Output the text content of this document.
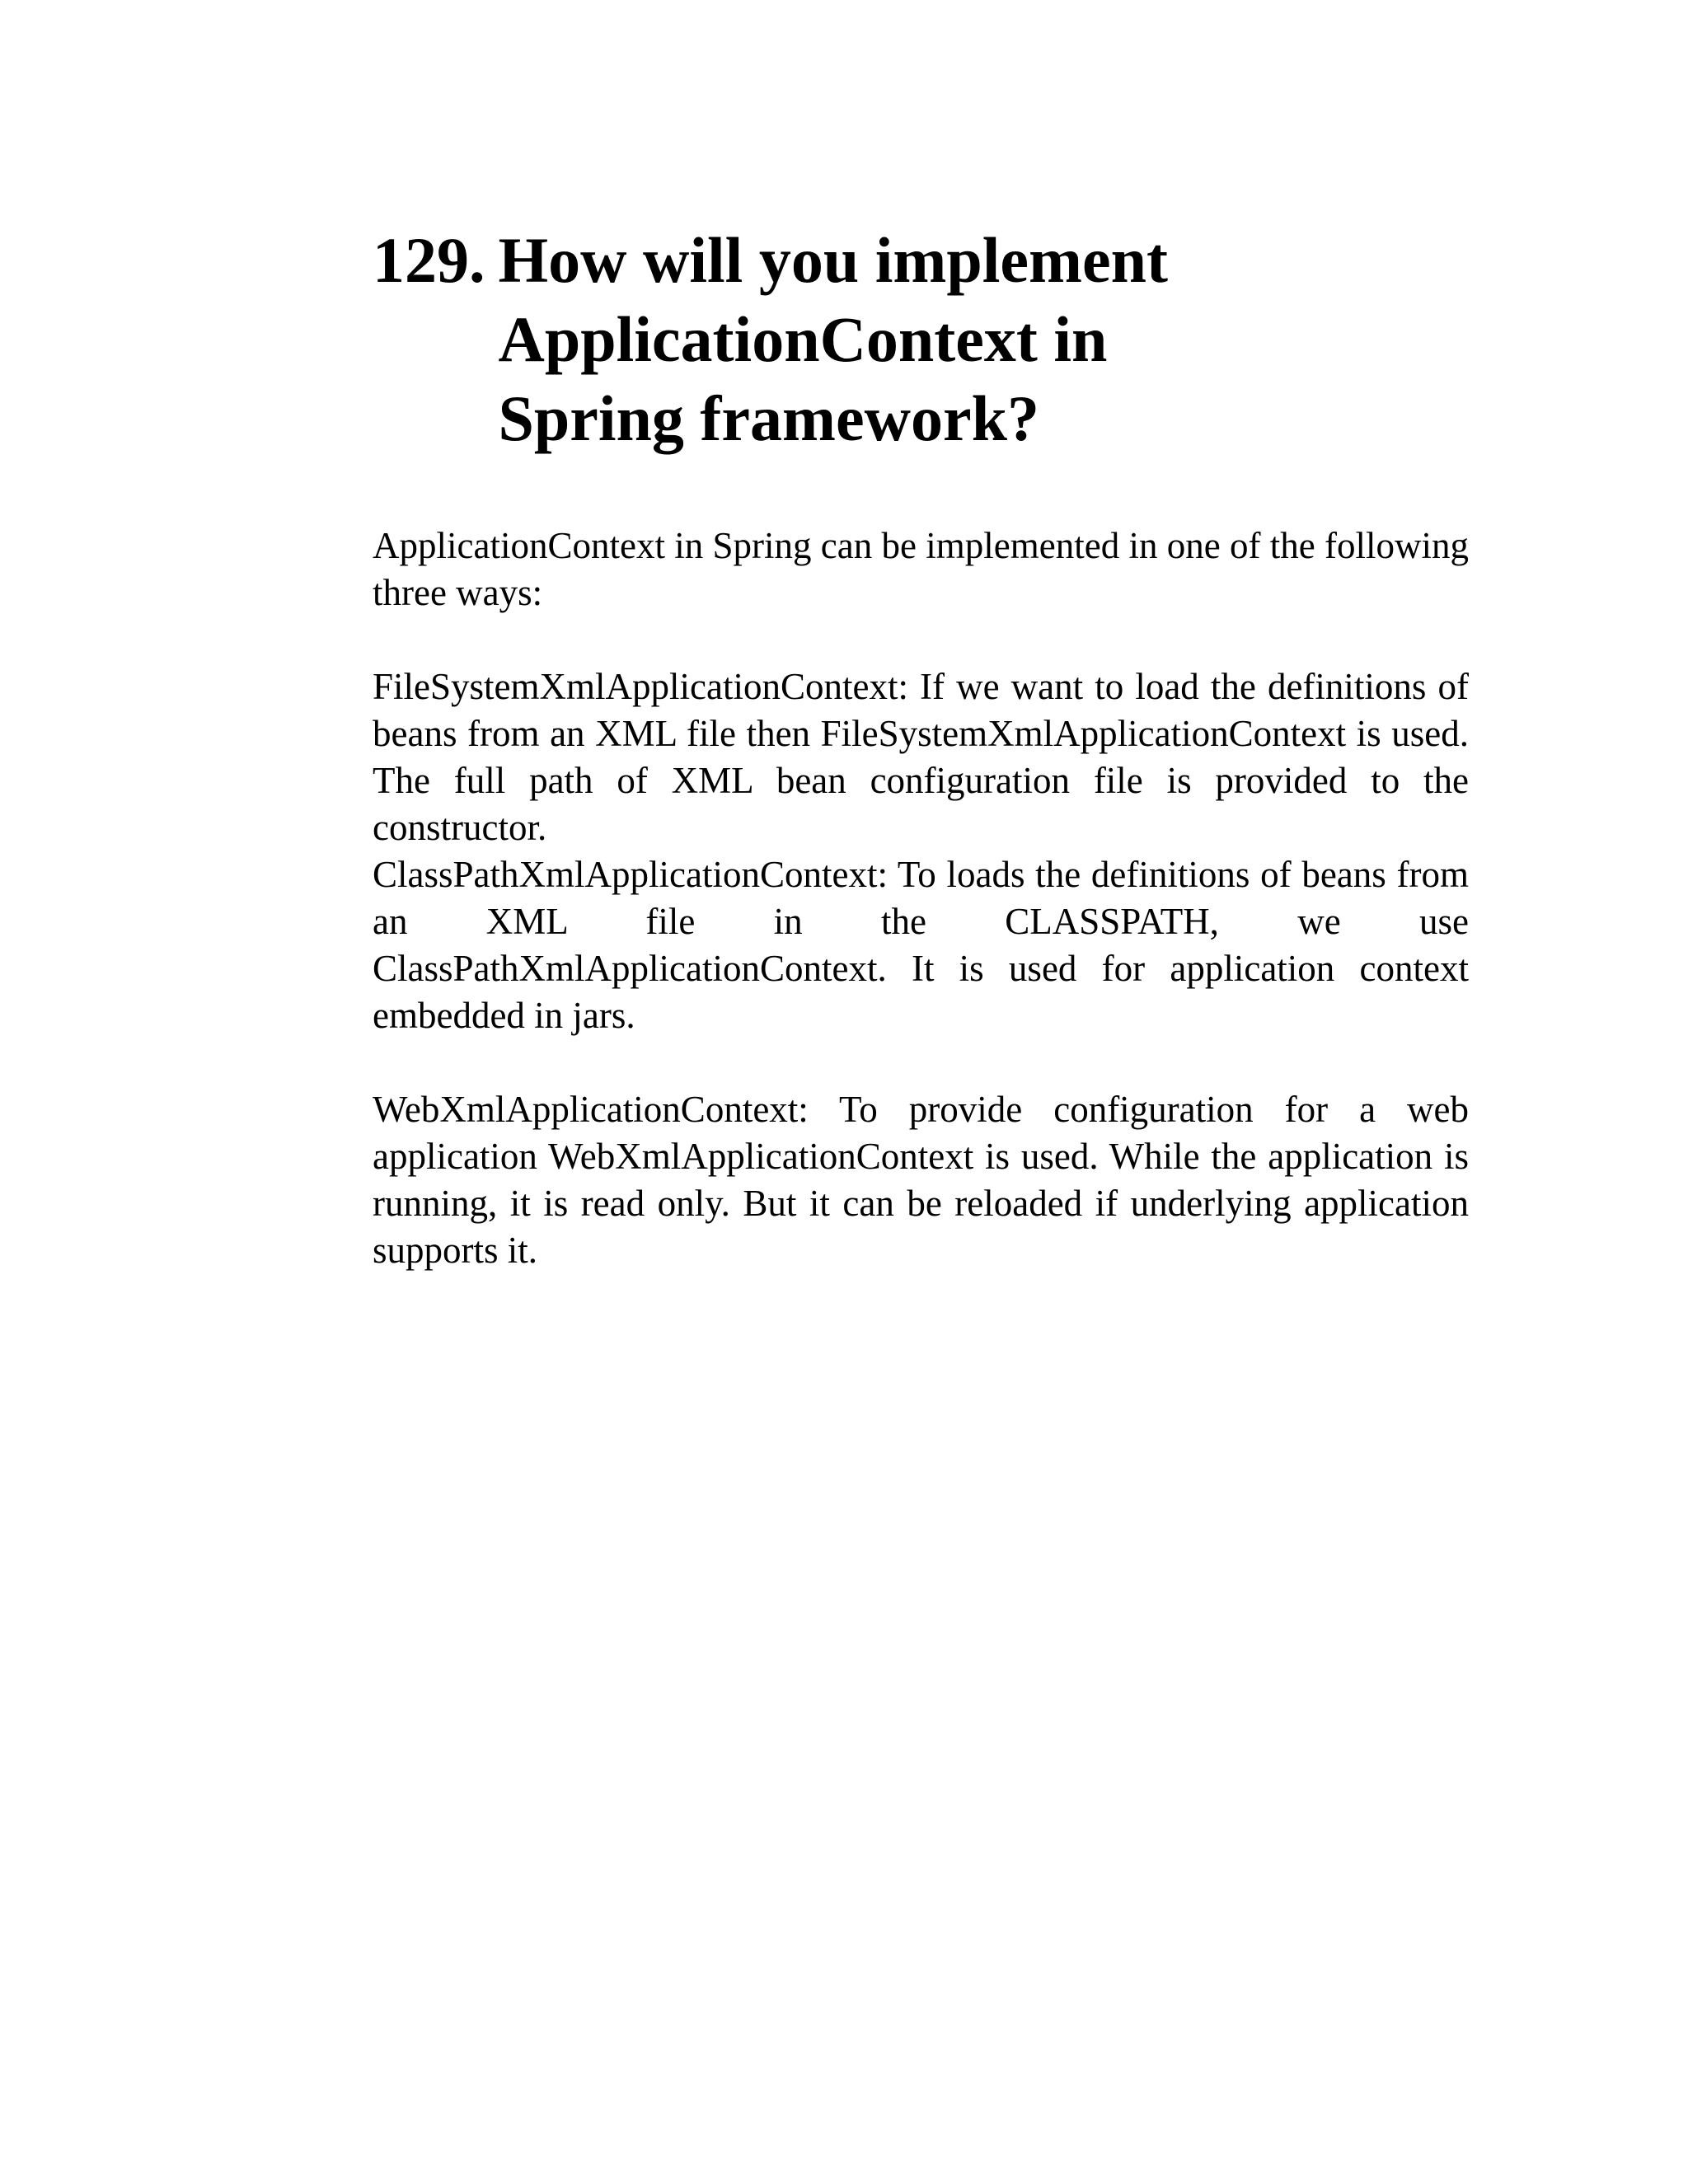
129. How will you implement ApplicationContext in Spring framework?

ApplicationContext in Spring can be implemented in one of the following three ways:

FileSystemXmlApplicationContext: If we want to load the definitions of beans from an XML file then FileSystemXmlApplicationContext is used. The full path of XML bean configuration file is provided to the constructor.

ClassPathXmlApplicationContext: To loads the definitions of beans from an XML file in the CLASSPATH, we use ClassPathXmlApplicationContext. It is used for application context embedded in jars.

WebXmlApplicationContext: To provide configuration for a web application WebXmlApplicationContext is used. While the application is running, it is read only. But it can be reloaded if underlying application supports it.
